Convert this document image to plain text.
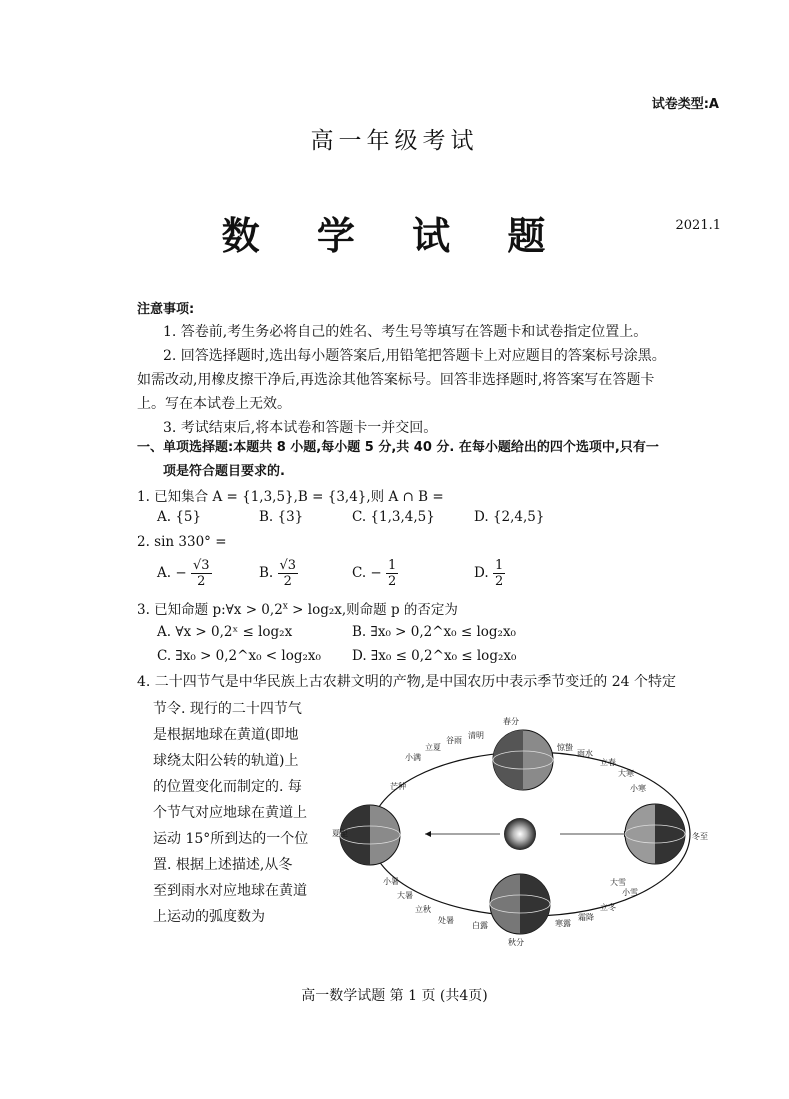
试卷类型:A
高一年级考试
数 学 试 题	2021.1
注意事项:
1. 答卷前,考生务必将自己的姓名、考生号等填写在答题卡和试卷指定位置上。
2. 回答选择题时,选出每小题答案后,用铅笔把答题卡上对应题目的答案标号涂黑。
如需改动,用橡皮擦干净后,再选涂其他答案标号。回答非选择题时,将答案写在答题卡
上。写在本试卷上无效。
3. 考试结束后,将本试卷和答题卡一并交回。
一、单项选择题:本题共 8 小题,每小题 5 分,共 40 分. 在每小题给出的四个选项中,只有一
项是符合题目要求的.
1. 已知集合 A = {1,3,5},B = {3,4},则 A ∩ B =
A. {5}	B. {3}	C. {1,3,4,5}	D. {2,4,5}
2. sin 330° =
A. − $\frac{√3}{2}$	B. $\frac{√3}{2}$	C. − $\frac{1}{2}$	D. $\frac{1}{2}$
3. 已知命题 p:∀x > $0,2^x > \log_2x$,则命题 p 的否定为
A. ∀x > 0,2ˣ ≤ log₂x	B. ∃x₀ > 0,2^x₀ ≤ log₂x₀
C. ∃x₀ > 0,2^x₀ < log₂x₀ D. ∃x₀ ≤ 0,2^x₀ ≤ log₂x₀
4. 二十四节气是中华民族上古农耕文明的产物,是中国农历中表示季节变迁的 24 个特定
节令. 现行的二十四节气
是根据地球在黄道(即地
球绕太阳公转的轨道)上
的位置变化而制定的. 每
个节气对应地球在黄道上
运动 15°所到达的一个位
置. 根据上述描述,从冬
至到雨水对应地球在黄道
上运动的弧度数为
春分
清明
谷雨
立夏
小满
芒种
夏至
小暑
大暑
立秋
处暑
白露
秋分
寒露
霜降
立冬
小雪
大雪
冬至
小寒
大寒
立春
雨水
惊蛰
高一数学试题 第 1 页 (共4页)
